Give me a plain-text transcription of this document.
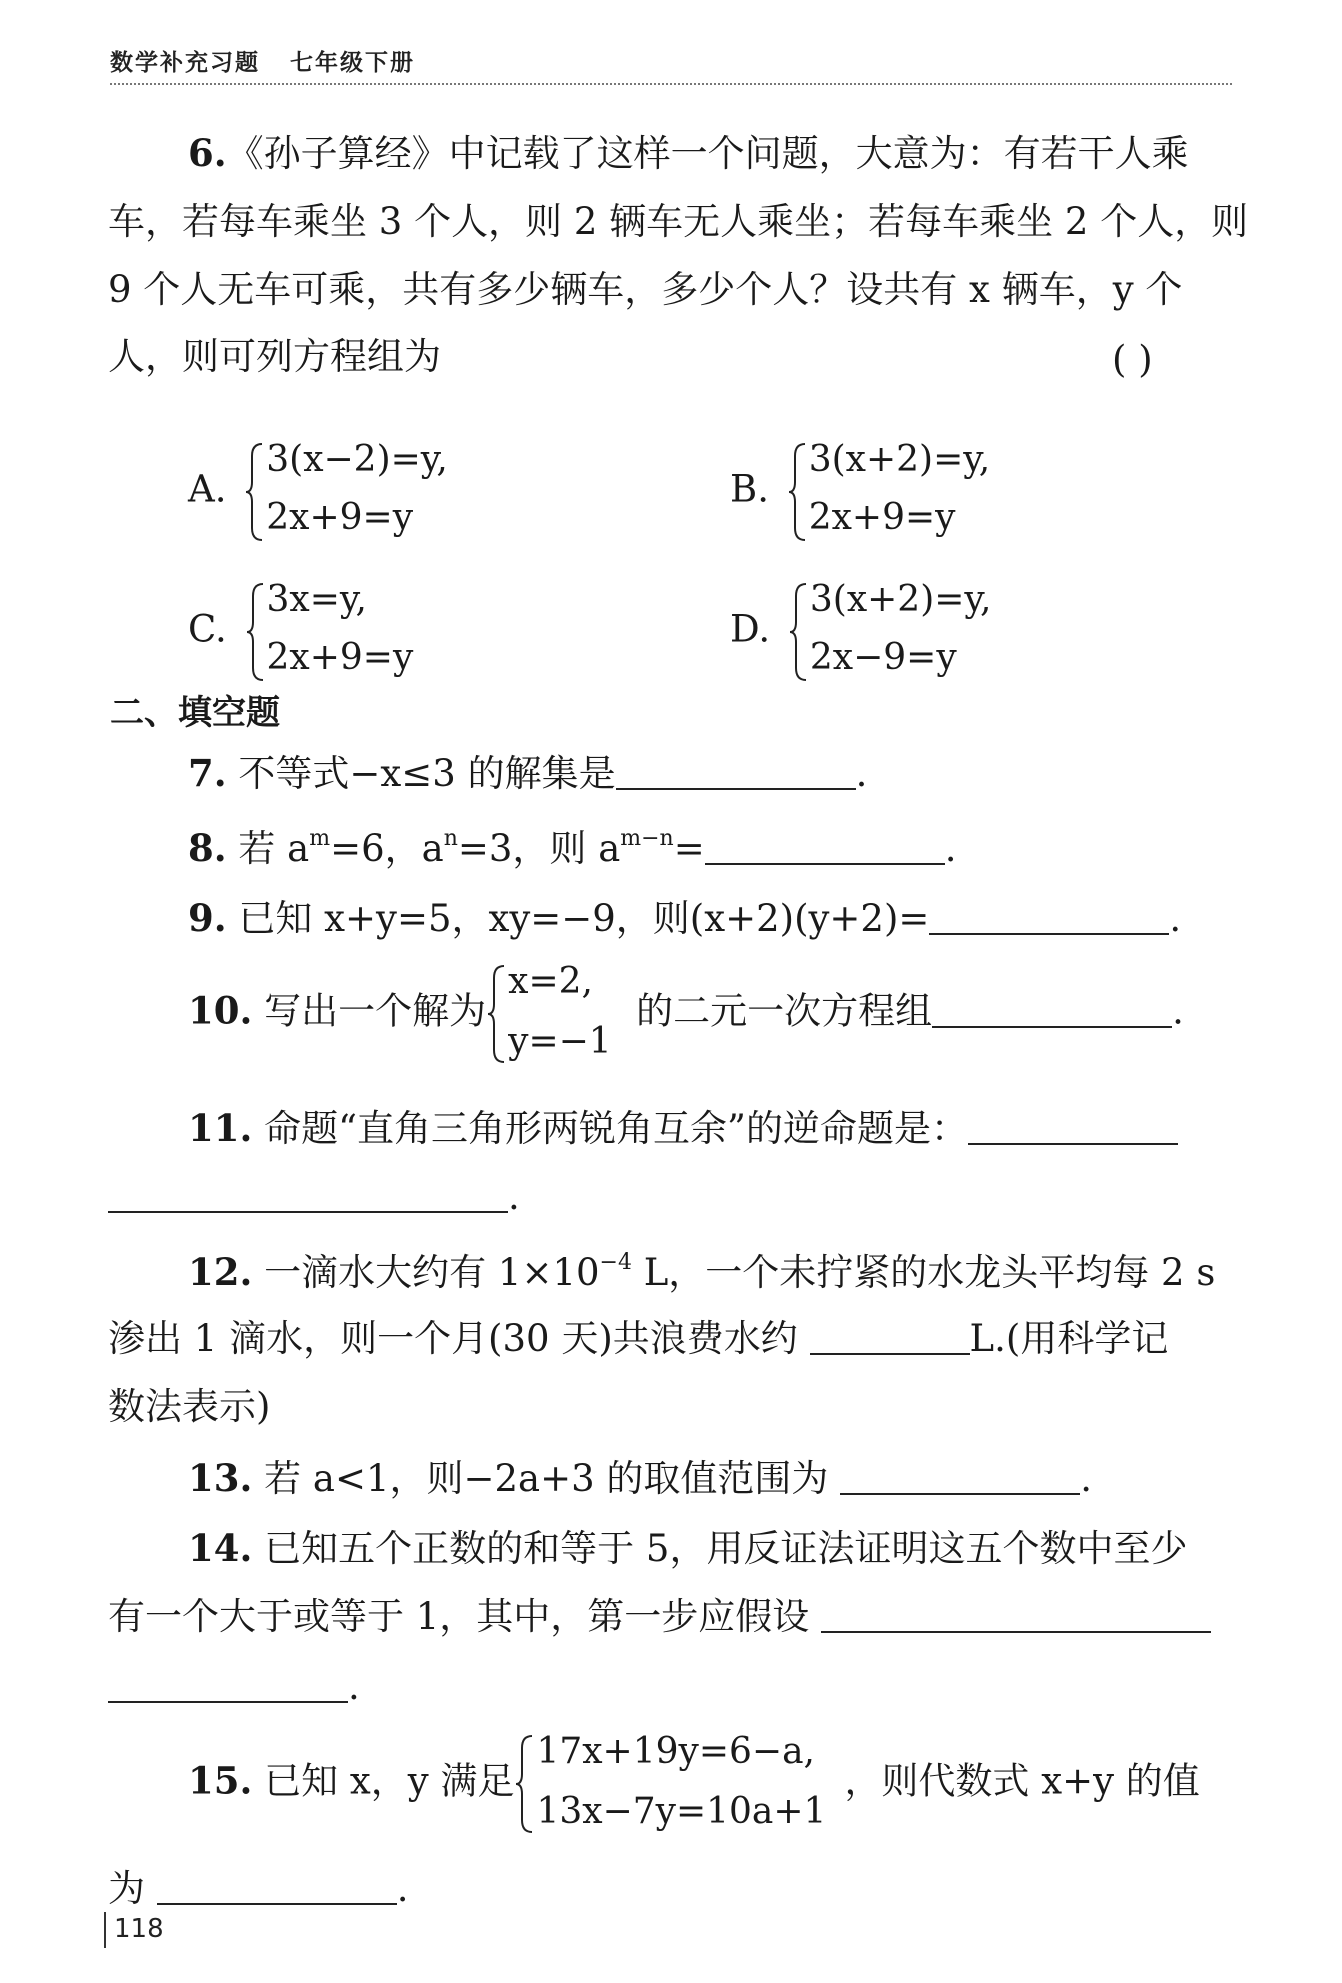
数学补充习题 七年级下册
6.《孙子算经》中记载了这样一个问题，大意为：有若干人乘
车，若每车乘坐 3 个人，则 2 辆车无人乘坐；若每车乘坐 2 个人，则
9 个人无车可乘，共有多少辆车，多少个人？设共有 x 辆车，y 个
人，则可列方程组为	( )
A.
3(x−2)=y,
2x+9=y
B.
3(x+2)=y,
2x+9=y
C.
3x=y,
2x+9=y
D.
3(x+2)=y,
2x−9=y
二、填空题
7. 不等式−x≤3 的解集是	.
8. 若 $a^m=6$，$a^n=3$，则 $a^{m-n}=$	.
9. 已知 x+y=5，xy=−9，则(x+2)(y+2)=	.
10. 写出一个解为
x=2,
y=−1
的二元一次方程组	.
11. 命题“直角三角形两锐角互余”的逆命题是：
.
12. 一滴水大约有 $1\times 10^{-4}$ L，一个未拧紧的水龙头平均每 2 s
渗出 1 滴水，则一个月(30 天)共浪费水约	L.(用科学记
数法表示)
13. 若 a<1，则−2a+3 的取值范围为	.
14. 已知五个正数的和等于 5，用反证法证明这五个数中至少
有一个大于或等于 1，其中，第一步应假设
.
15. 已知 x，y 满足
17x+19y=6−a,
13x−7y=10a+1
，则代数式 x+y 的值
为	.
118
